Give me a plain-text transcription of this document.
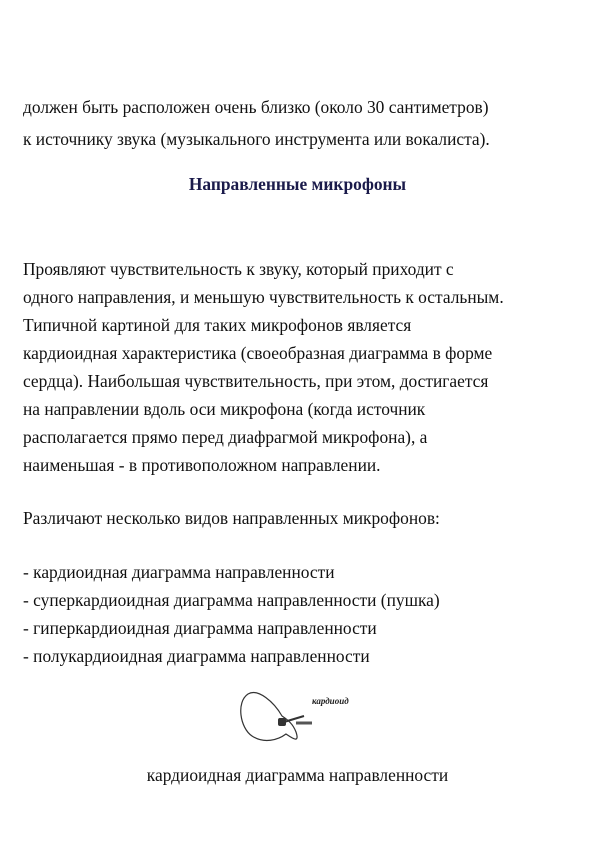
должен быть расположен очень близко (около 30 сантиметров)

к источнику звука (музыкального инструмента или вокалиста).

Направленные микрофоны

Проявляют чувствительность к звуку, который приходит с

одного направления, и меньшую чувствительность к остальным.

Типичной картиной для таких микрофонов является

кардиоидная характеристика (своеобразная диаграмма в форме

сердца). Наибольшая чувствительность, при этом, достигается

на направлении вдоль оси микрофона (когда источник

располагается прямо перед диафрагмой микрофона), а

наименьшая - в противоположном направлении.

Различают несколько видов направленных микрофонов:

- кардиоидная диаграмма направленности

- суперкардиоидная диаграмма направленности (пушка)

- гиперкардиоидная диаграмма направленности

- полукардиоидная диаграмма направленности

кардиоид
кардиоидная диаграмма направленности
